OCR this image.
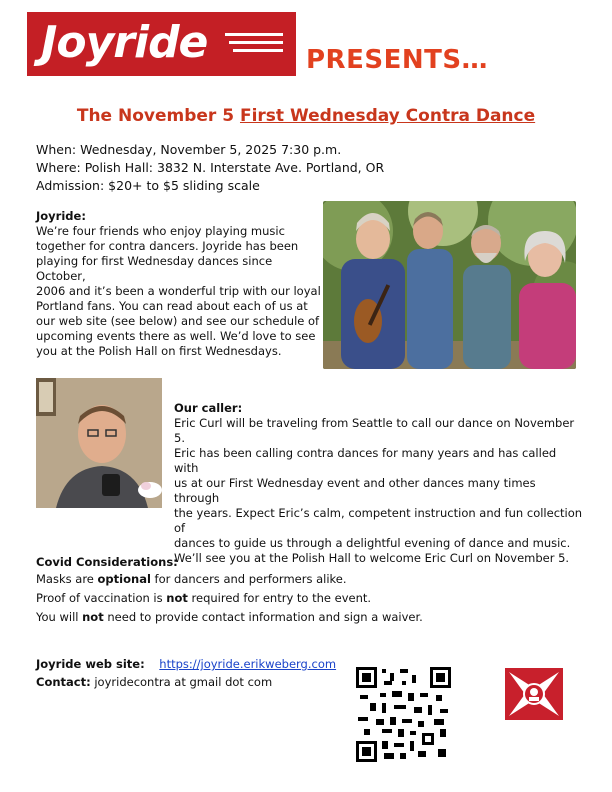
Joyride	PRESENTS…
The November 5 First Wednesday Contra Dance
When: Wednesday, November 5, 2025 7:30 p.m.
Where: Polish Hall: 3832 N. Interstate Ave. Portland, OR
Admission: $20+ to $5 sliding scale
Joyride:
We’re four friends who enjoy playing music
together for contra dancers. Joyride has been
playing for first Wednesday dances since October,
2006 and it’s been a wonderful trip with our loyal
Portland fans. You can read about each of us at
our web site (see below) and see our schedule of
upcoming events there as well. We’d love to see
you at the Polish Hall on first Wednesdays.
Our caller:
Eric Curl will be traveling from Seattle to call our dance on November 5.
Eric has been calling contra dances for many years and has called with
us at our First Wednesday event and other dances many times through
the years. Expect Eric’s calm, competent instruction and fun collection of
dances to guide us through a delightful evening of dance and music.
We’ll see you at the Polish Hall to welcome Eric Curl on November 5.
Covid Considerations:
Masks are optional for dancers and performers alike.
Proof of vaccination is not required for entry to the event.
You will not need to provide contact information and sign a waiver.
Joyride web site: https://joyride.erikweberg.com
Contact: joyridecontra at gmail dot com
